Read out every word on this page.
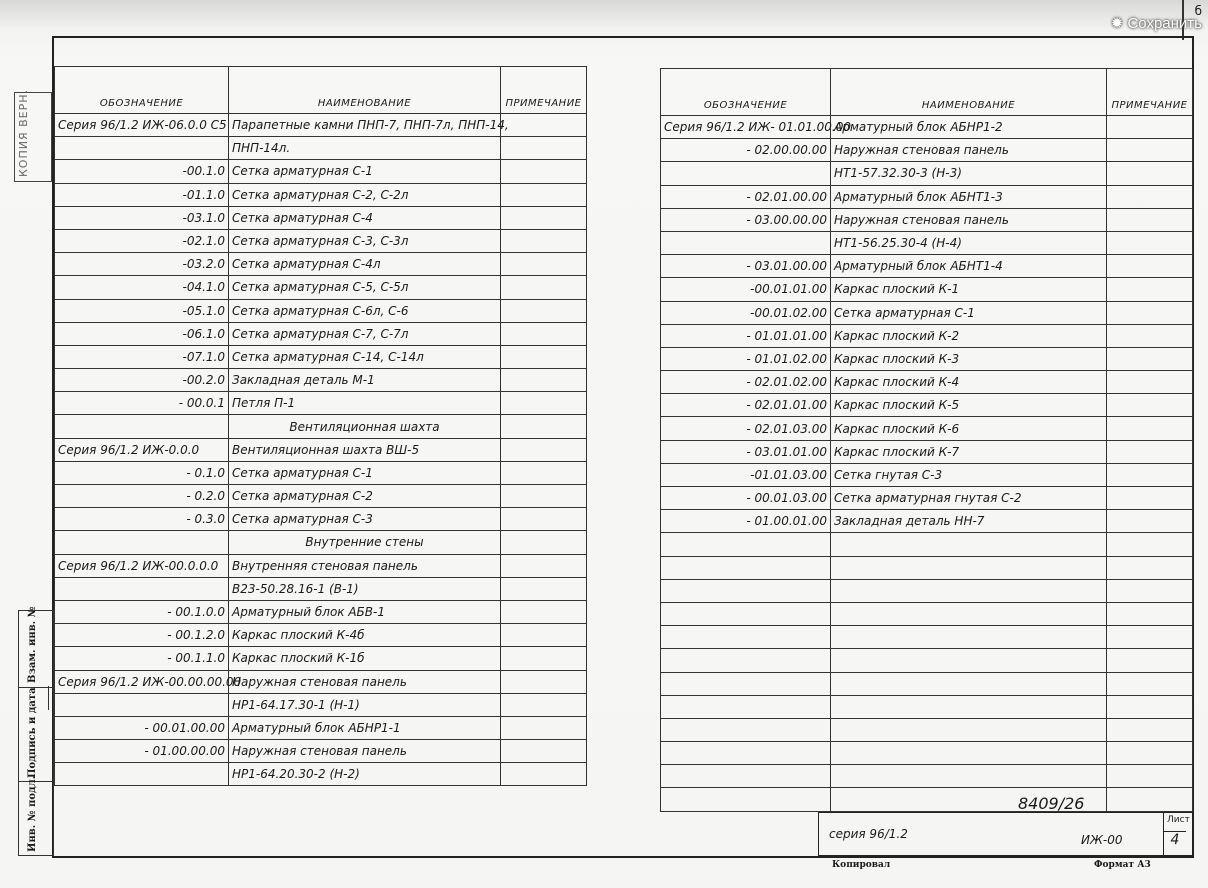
б
✹ Сохранить
КОПИЯ ВЕРН.
Взам. инв. №
Подпись и дата
Инв. № подл.
ОБОЗНАЧЕНИЕ	НАИМЕНОВАНИЕ	ПРИМЕЧАНИЕ
Серия 96/1.2 ИЖ-06.0.0 С5	Парапетные камни ПНП-7, ПНП-7л, ПНП-14,	
	ПНП-14л.	
-00.1.0	Сетка арматурная С-1	
-01.1.0	Сетка арматурная С-2, С-2л	
-03.1.0	Сетка арматурная С-4	
-02.1.0	Сетка арматурная С-3, С-3л	
-03.2.0	Сетка арматурная С-4л	
-04.1.0	Сетка арматурная С-5, С-5л	
-05.1.0	Сетка арматурная С-6л, С-6	
-06.1.0	Сетка арматурная С-7, С-7л	
-07.1.0	Сетка арматурная С-14, С-14л	
-00.2.0	Закладная деталь М-1	
- 00.0.1	Петля П-1	
	Вентиляционная шахта	
Серия 96/1.2 ИЖ-0.0.0	Вентиляционная шахта ВШ-5	
- 0.1.0	Сетка арматурная С-1	
- 0.2.0	Сетка арматурная С-2	
- 0.3.0	Сетка арматурная С-3	
	Внутренние стены	
Серия 96/1.2 ИЖ-00.0.0.0	Внутренняя стеновая панель	
	В23-50.28.16-1 (В-1)	
- 00.1.0.0	Арматурный блок АБВ-1	
- 00.1.2.0	Каркас плоский К-4б	
- 00.1.1.0	Каркас плоский К-1б	
Серия 96/1.2 ИЖ-00.00.00.00	Наружная стеновая панель	
	НР1-64.17.30-1 (Н-1)	
- 00.01.00.00	Арматурный блок АБНР1-1	
- 01.00.00.00	Наружная стеновая панель	
	НР1-64.20.30-2 (Н-2)	
ОБОЗНАЧЕНИЕ	НАИМЕНОВАНИЕ	ПРИМЕЧАНИЕ
Серия 96/1.2 ИЖ- 01.01.00.00	Арматурный блок АБНР1-2	
- 02.00.00.00	Наружная стеновая панель	
	НТ1-57.32.30-3 (Н-3)	
- 02.01.00.00	Арматурный блок АБНТ1-3	
- 03.00.00.00	Наружная стеновая панель	
	НТ1-56.25.30-4 (Н-4)	
- 03.01.00.00	Арматурный блок АБНТ1-4	
-00.01.01.00	Каркас плоский К-1	
-00.01.02.00	Сетка арматурная С-1	
- 01.01.01.00	Каркас плоский К-2	
- 01.01.02.00	Каркас плоский К-3	
- 02.01.02.00	Каркас плоский К-4	
- 02.01.01.00	Каркас плоский К-5	
- 02.01.03.00	Каркас плоский К-6	
- 03.01.01.00	Каркас плоский К-7	
-01.01.03.00	Сетка гнутая С-3	
- 00.01.03.00	Сетка арматурная гнутая С-2	
- 01.00.01.00	Закладная деталь НН-7	

8409/26
серия 96/1.2	ИЖ-00
Лист
4
Копировал	Формат А3
